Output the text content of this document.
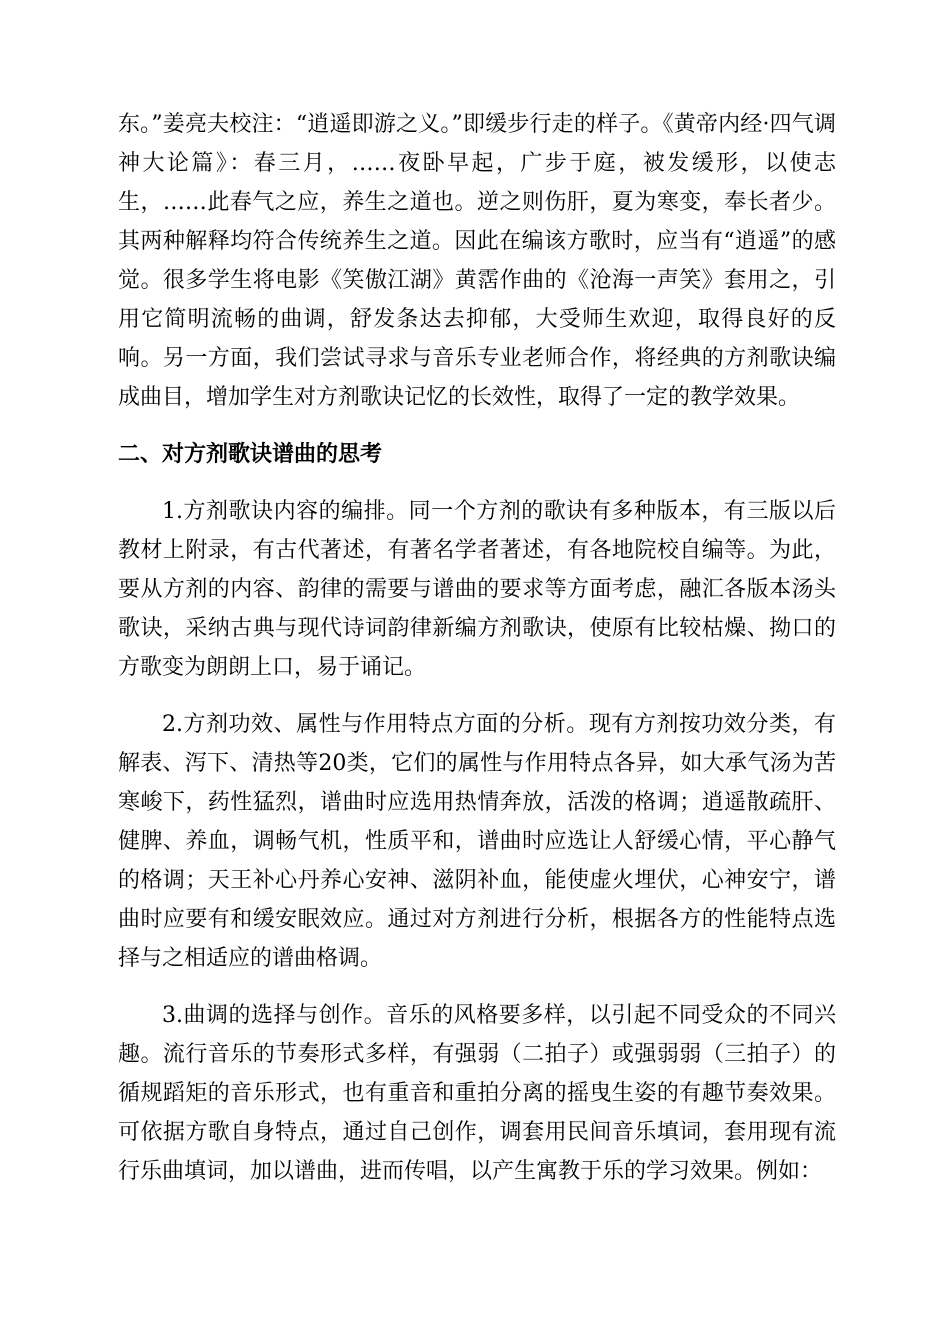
东。”姜亮夫校注：“逍遥即游之义。”即缓步行走的样子。《黄帝内经·四气调神大论篇》：春三月，……夜卧早起，广步于庭，被发缓形，以使志生，……此春气之应，养生之道也。逆之则伤肝，夏为寒变，奉长者少。其两种解释均符合传统养生之道。因此在编该方歌时，应当有“逍遥”的感觉。很多学生将电影《笑傲江湖》黄霑作曲的《沧海一声笑》套用之，引用它简明流畅的曲调，舒发条达去抑郁，大受师生欢迎，取得良好的反响。另一方面，我们尝试寻求与音乐专业老师合作，将经典的方剂歌诀编成曲目，增加学生对方剂歌诀记忆的长效性，取得了一定的教学效果。

二、对方剂歌诀谱曲的思考

1.方剂歌诀内容的编排。同一个方剂的歌诀有多种版本，有三版以后教材上附录，有古代著述，有著名学者著述，有各地院校自编等。为此，要从方剂的内容、韵律的需要与谱曲的要求等方面考虑，融汇各版本汤头歌诀，采纳古典与现代诗词韵律新编方剂歌诀，使原有比较枯燥、拗口的方歌变为朗朗上口，易于诵记。

2.方剂功效、属性与作用特点方面的分析。现有方剂按功效分类，有解表、泻下、清热等20类，它们的属性与作用特点各异，如大承气汤为苦寒峻下，药性猛烈，谱曲时应选用热情奔放，活泼的格调；逍遥散疏肝、健脾、养血，调畅气机，性质平和，谱曲时应选让人舒缓心情，平心静气的格调；天王补心丹养心安神、滋阴补血，能使虚火埋伏，心神安宁，谱曲时应要有和缓安眠效应。通过对方剂进行分析，根据各方的性能特点选择与之相适应的谱曲格调。

3.曲调的选择与创作。音乐的风格要多样，以引起不同受众的不同兴趣。流行音乐的节奏形式多样，有强弱（二拍子）或强弱弱（三拍子）的循规蹈矩的音乐形式，也有重音和重拍分离的摇曳生姿的有趣节奏效果。可依据方歌自身特点，通过自己创作，调套用民间音乐填词，套用现有流行乐曲填词，加以谱曲，进而传唱，以产生寓教于乐的学习效果。例如：
